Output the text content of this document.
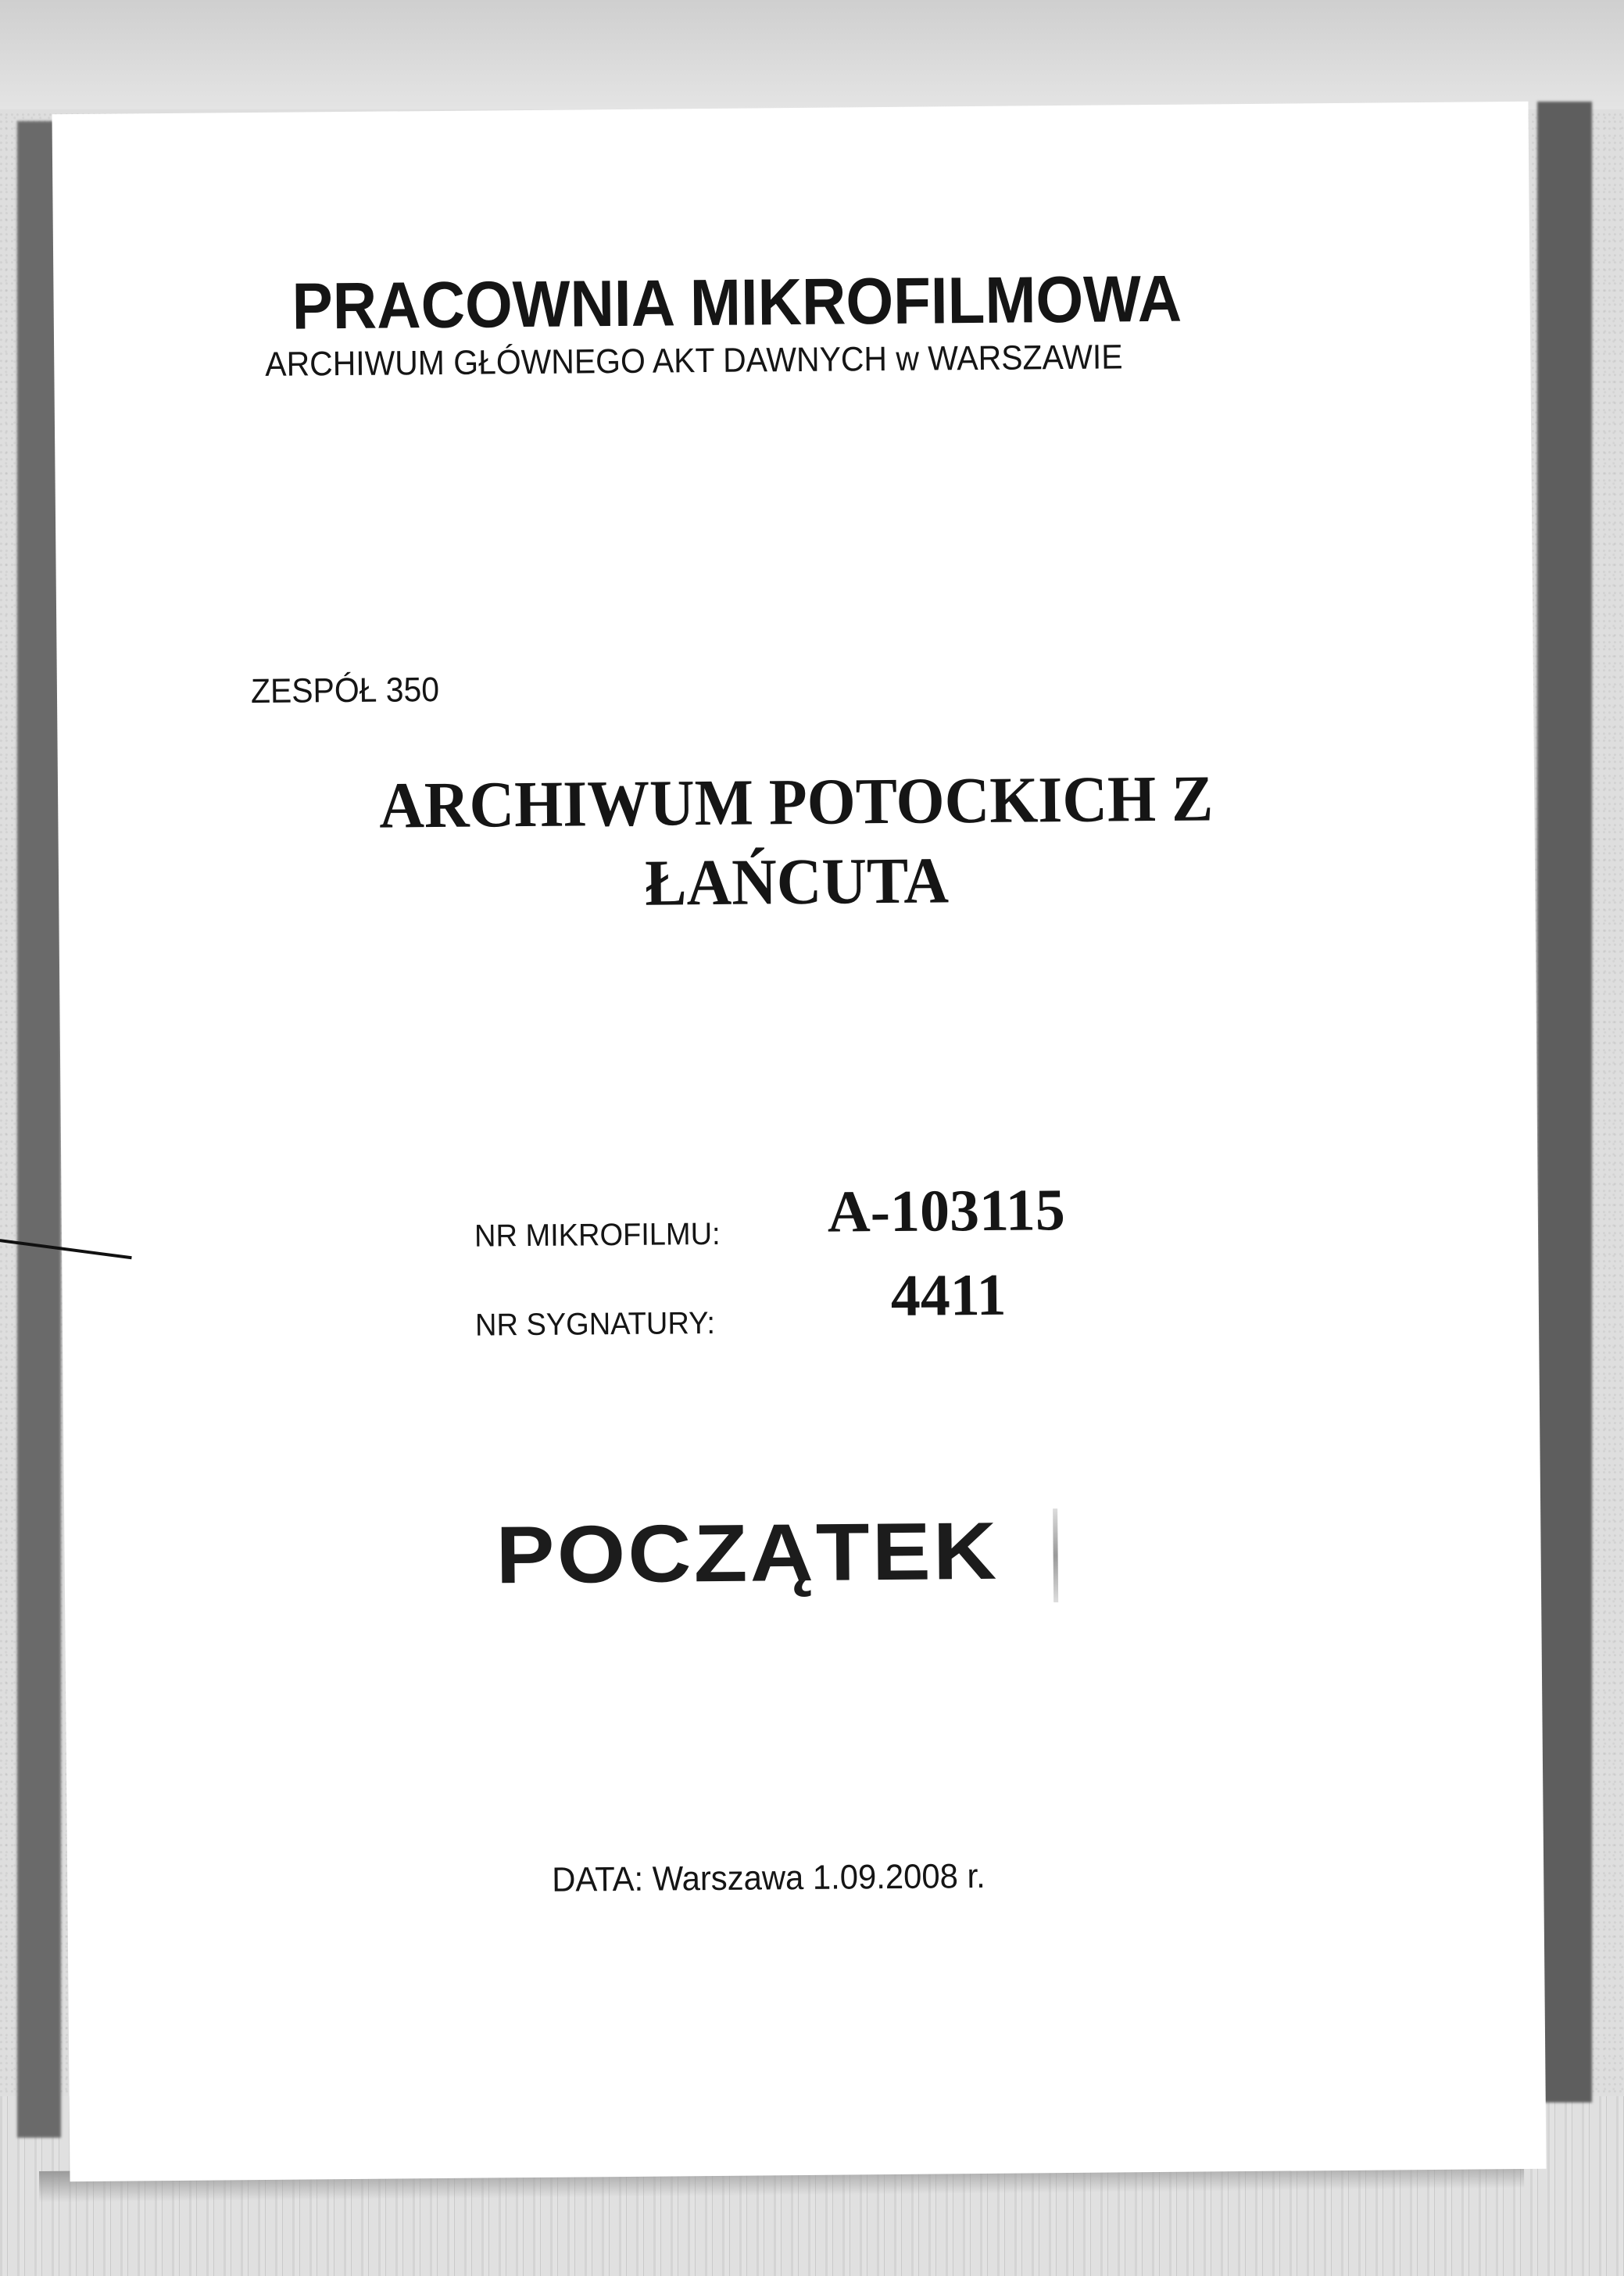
PRACOWNIA MIKROFILMOWA
ARCHIWUM GŁÓWNEGO AKT DAWNYCH w WARSZAWIE
ZESPÓŁ 350
ARCHIWUM POTOCKICH Z
ŁAŃCUTA
NR MIKROFILMU: A-103115
NR SYGNATURY:	4411
POCZĄTEK
DATA: Warszawa 1.09.2008 r.
